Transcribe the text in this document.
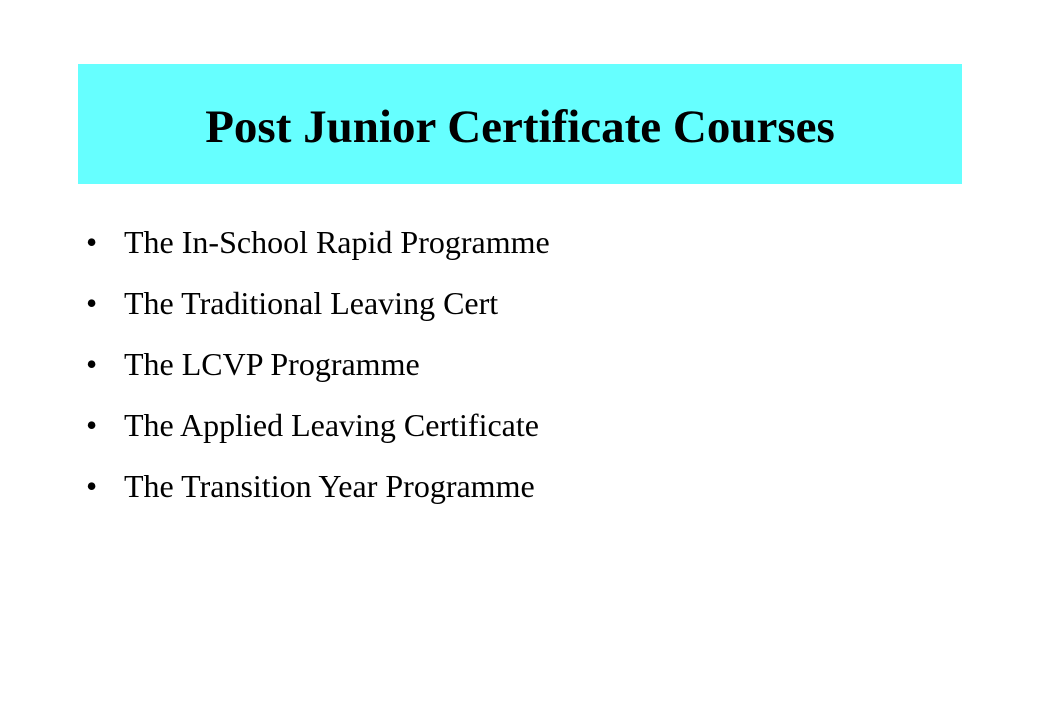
Post Junior Certificate Courses
• The In-School Rapid Programme
• The Traditional Leaving Cert
• The LCVP Programme
• The Applied Leaving Certificate
• The Transition Year Programme
